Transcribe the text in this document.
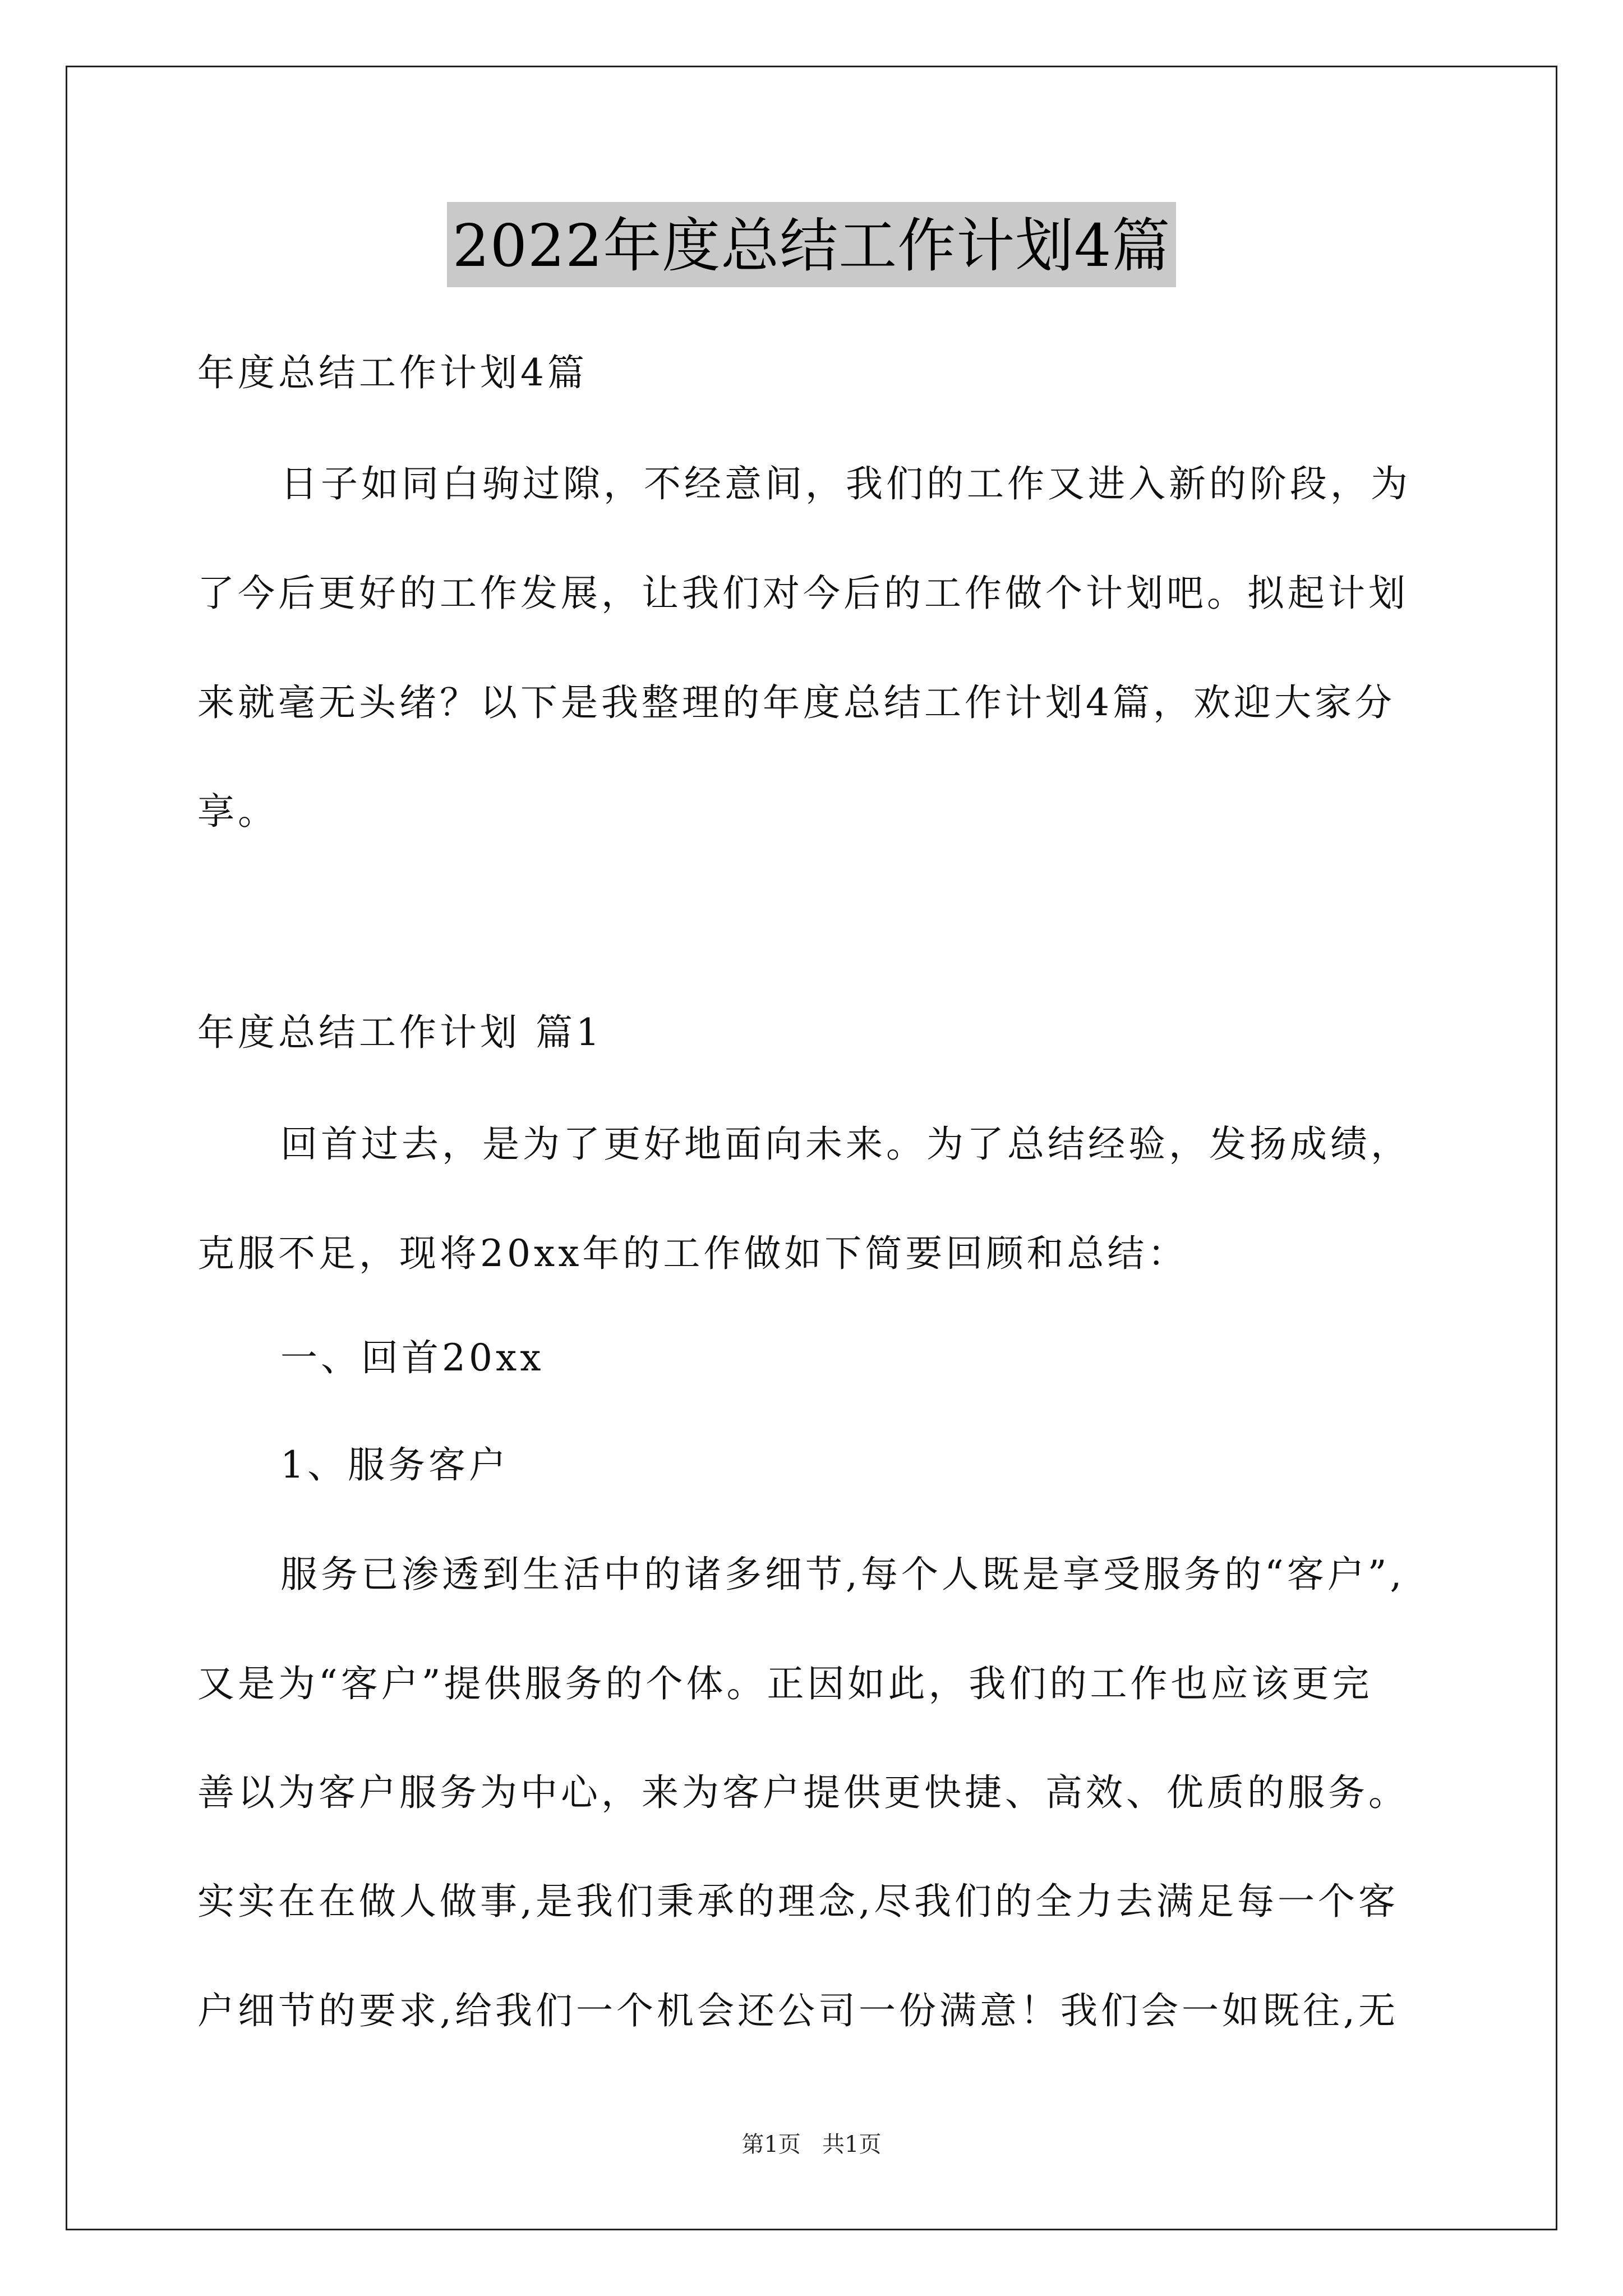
2022年度总结工作计划4篇
年度总结工作计划4篇
日子如同白驹过隙，不经意间，我们的工作又进入新的阶段，为
了今后更好的工作发展，让我们对今后的工作做个计划吧。拟起计划
来就毫无头绪？以下是我整理的年度总结工作计划4篇，欢迎大家分
享。
年度总结工作计划 篇1
回首过去，是为了更好地面向未来。为了总结经验，发扬成绩，
克服不足，现将20xx年的工作做如下简要回顾和总结：
一、回首20xx
1、服务客户
服务已渗透到生活中的诸多细节,每个人既是享受服务的“客户”,
又是为“客户”提供服务的个体。正因如此，我们的工作也应该更完
善以为客户服务为中心，来为客户提供更快捷、高效、优质的服务。
实实在在做人做事,是我们秉承的理念,尽我们的全力去满足每一个客
户细节的要求,给我们一个机会还公司一份满意！我们会一如既往,无
第1页   共1页
